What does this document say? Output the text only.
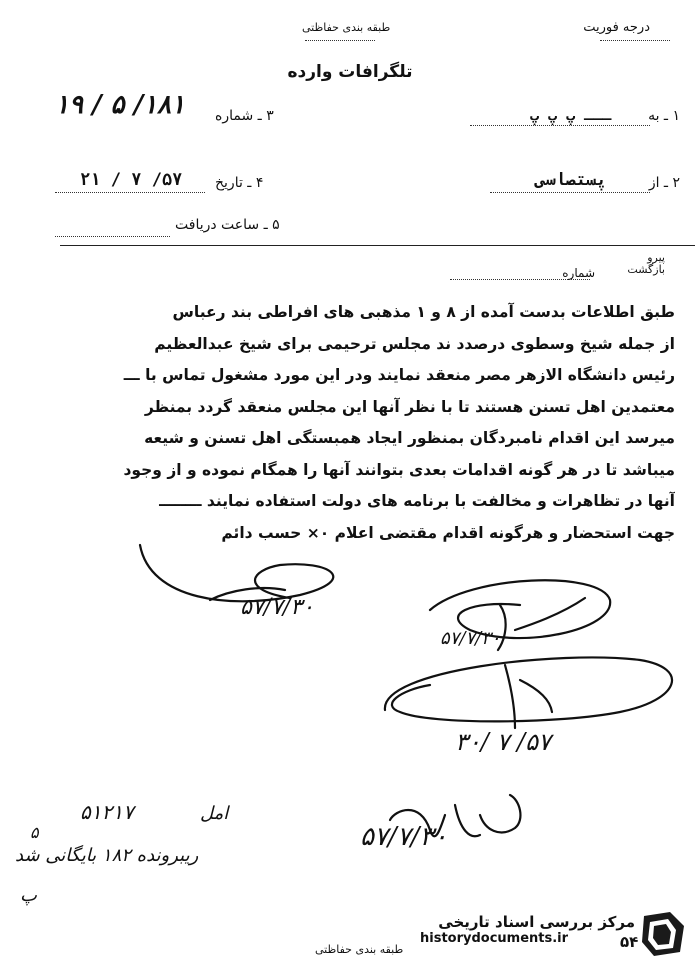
درجه فوریت
طبقه بندی حفاظتی
تلگرافات وارده
۱ ـ به
ـــ پ پ پ
۳ ـ شماره
۱۸۱/ ۵ / ۱۹
۲ ـ از
پستصاسی
۴ ـ تاریخ
۵۷/ ۷ / ۲۱
۵ ـ ساعت دریافت
پیرو
بازگشت
شماره
طبق اطلاعات بدست آمده از ۸ و ۱ مذهبی های افراطی بند رعباس
از جمله شیخ وسطوی درصدد ند مجلس ترحیمی برای شیخ عبدالعظیم
رئیس دانشگاه الازهر مصر منعقد نمایند ودر این مورد مشغول تماس با ـــ
معتمدین اهل تسنن هستند تا با نظر آنها این مجلس منعقد گردد بمنظر
میرسد این اقدام نامبردگان بمنظور ایجاد همبستگی اهل تسنن و شیعه
میباشد تا در هر گونه اقدامات بعدی بتوانند آنها را همگام نموده و از وجود
آنها در تظاهرات و مخالفت با برنامه های دولت استفاده نمایند ــــــــ
جهت استحضار و هرگونه اقدام مقتضی اعلام ۰× حسب دائم
۵۷/۷/۳۰
۵۷/۷/۳۰
۵۷/ ۷ /۳۰
۵۱۲۱۷	امل
۵
ریبرونده ۱۸۲ بایگانی شد
پ
۵۷/۷/۳۰
طبقه بندی حفاظتی	۵۴
مرکز بررسی اسناد تاریخی
historydocuments.ir
